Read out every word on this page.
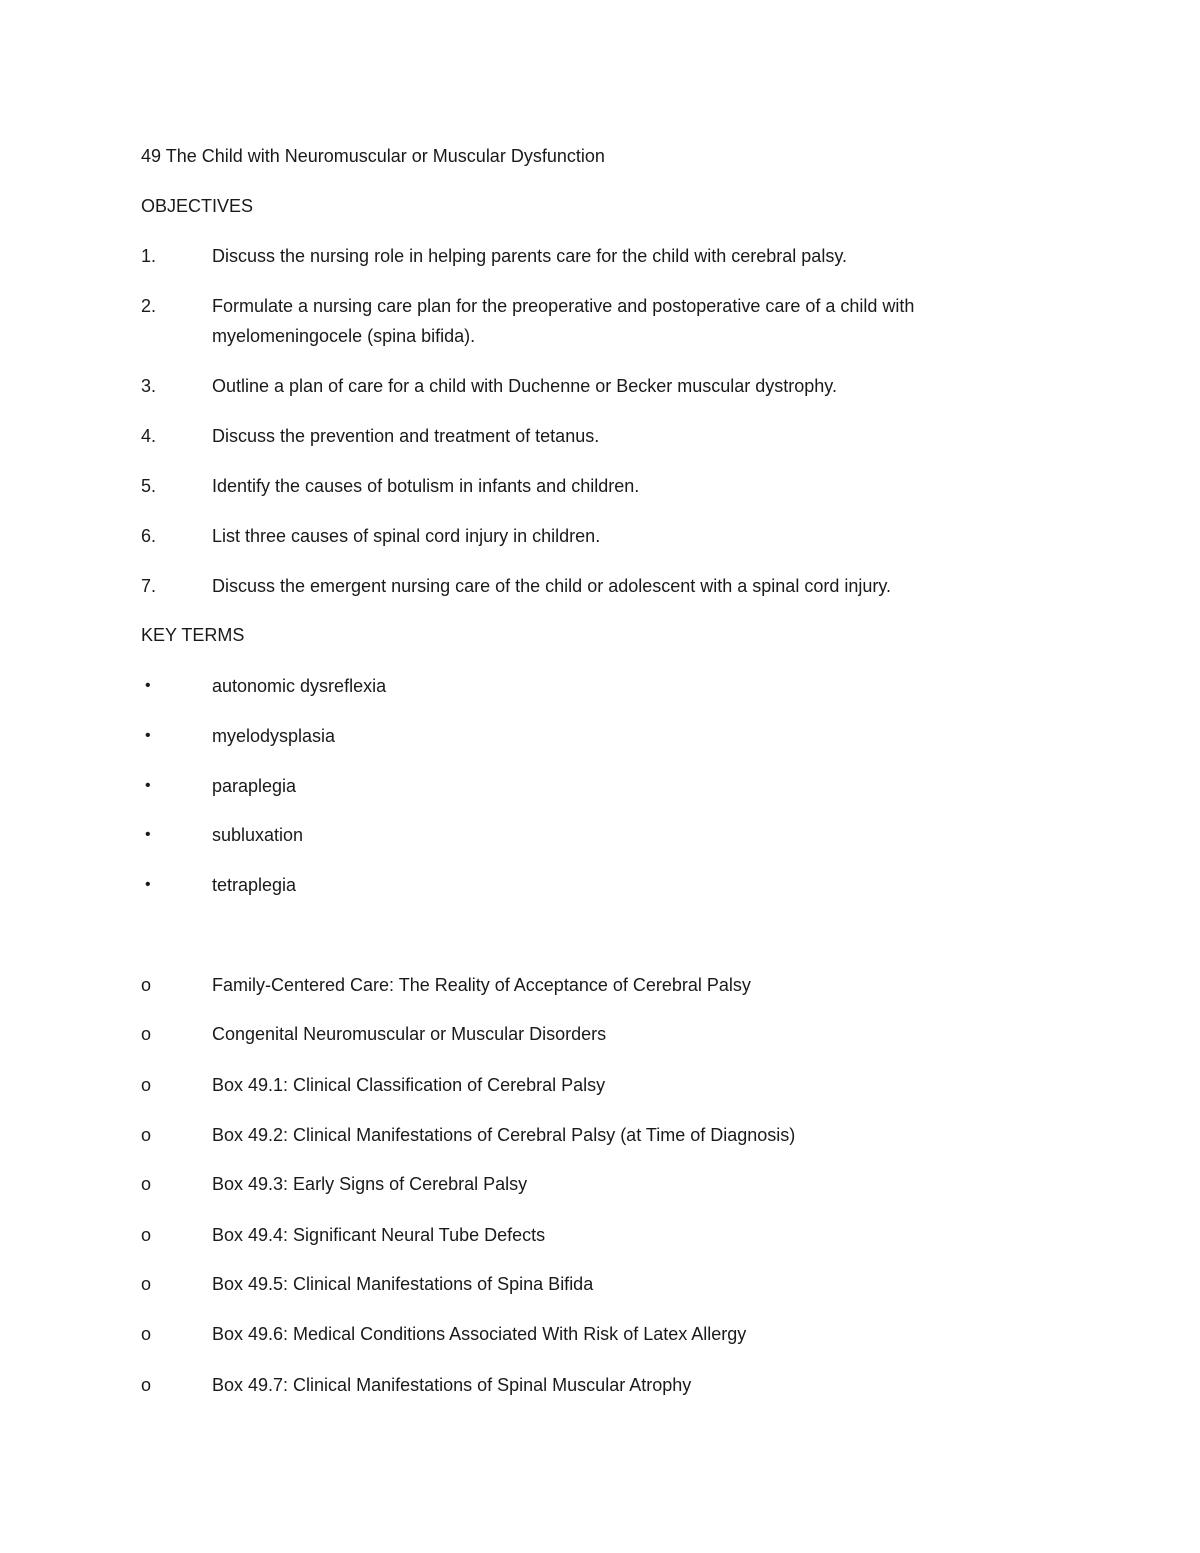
49 The Child with Neuromuscular or Muscular Dysfunction
OBJECTIVES
1.	Discuss the nursing role in helping parents care for the child with cerebral palsy.
2.	Formulate a nursing care plan for the preoperative and postoperative care of a child with myelomeningocele (spina bifida).
3.	Outline a plan of care for a child with Duchenne or Becker muscular dystrophy.
4.	Discuss the prevention and treatment of tetanus.
5.	Identify the causes of botulism in infants and children.
6.	List three causes of spinal cord injury in children.
7.	Discuss the emergent nursing care of the child or adolescent with a spinal cord injury.
KEY TERMS
•	autonomic dysreflexia
•	myelodysplasia
•	paraplegia
•	subluxation
•	tetraplegia
o	Family-Centered Care: The Reality of Acceptance of Cerebral Palsy
o	Congenital Neuromuscular or Muscular Disorders
o	Box 49.1: Clinical Classification of Cerebral Palsy
o	Box 49.2: Clinical Manifestations of Cerebral Palsy (at Time of Diagnosis)
o	Box 49.3: Early Signs of Cerebral Palsy
o	Box 49.4: Significant Neural Tube Defects
o	Box 49.5: Clinical Manifestations of Spina Bifida
o	Box 49.6: Medical Conditions Associated With Risk of Latex Allergy
o	Box 49.7: Clinical Manifestations of Spinal Muscular Atrophy
